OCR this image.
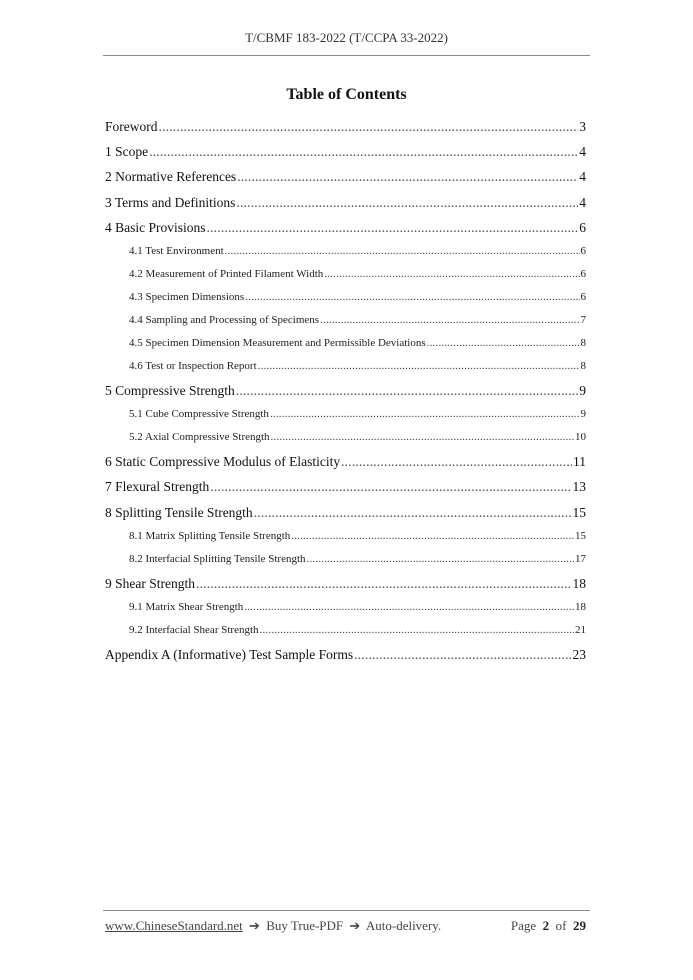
T/CBMF 183-2022 (T/CCPA 33-2022)
Table of Contents
Foreword .....	3
1 Scope .....	4
2 Normative References .....	4
3 Terms and Definitions .....	4
4 Basic Provisions .....	6
4.1 Test Environment .....	6
4.2 Measurement of Printed Filament Width .....	6
4.3 Specimen Dimensions .....	6
4.4 Sampling and Processing of Specimens .....	7
4.5 Specimen Dimension Measurement and Permissible Deviations .....	8
4.6 Test or Inspection Report .....	8
5 Compressive Strength .....	9
5.1 Cube Compressive Strength .....	9
5.2 Axial Compressive Strength .....	10
6 Static Compressive Modulus of Elasticity .....	11
7 Flexural Strength .....	13
8 Splitting Tensile Strength .....	15
8.1 Matrix Splitting Tensile Strength .....	15
8.2 Interfacial Splitting Tensile Strength .....	17
9 Shear Strength .....	18
9.1 Matrix Shear Strength .....	18
9.2 Interfacial Shear Strength .....	21
Appendix A (Informative) Test Sample Forms .....	23
www.ChineseStandard.net ➔ Buy True-PDF ➔ Auto-delivery.	Page 2 of 29
